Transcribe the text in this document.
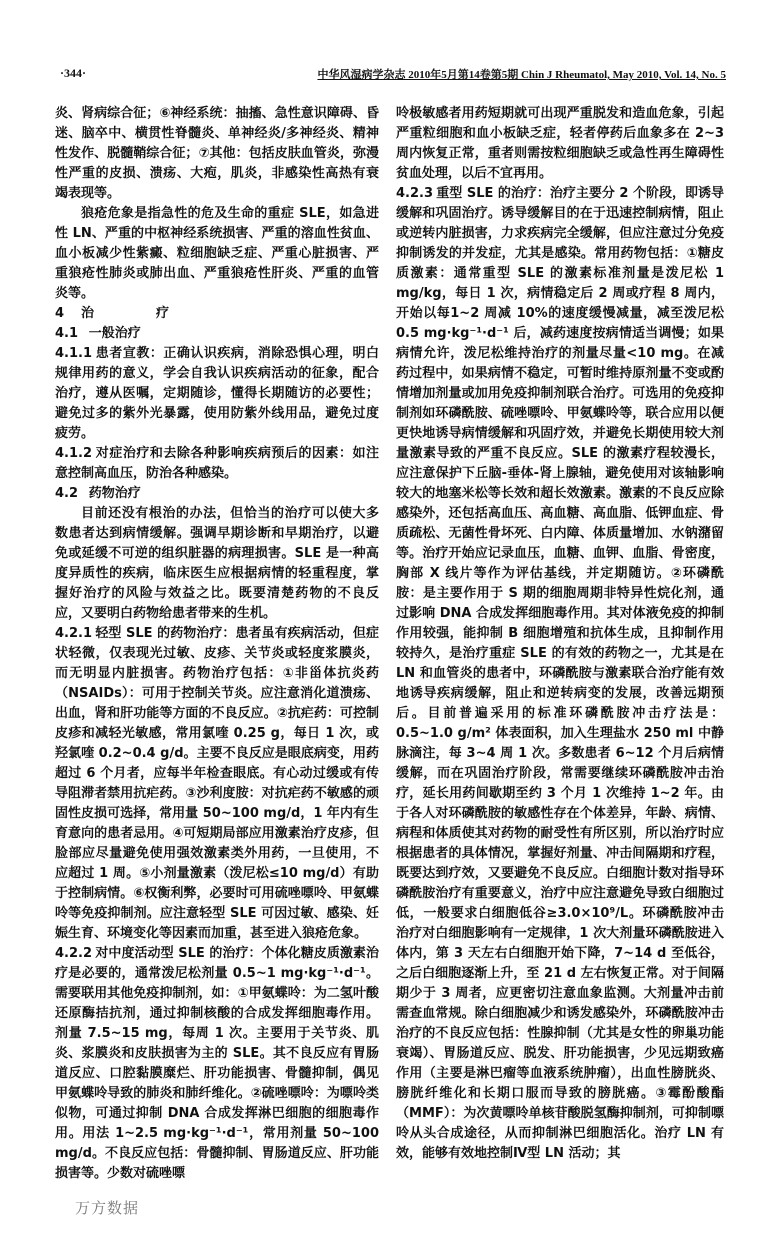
·344·	中华风湿病学杂志 2010年5月第14卷第5期 Chin J Rheumatol, May 2010, Vol. 14, No. 5

炎、肾病综合征；⑥神经系统：抽搐、急性意识障碍、昏迷、脑卒中、横贯性脊髓炎、单神经炎/多神经炎、精神性发作、脱髓鞘综合征；⑦其他：包括皮肤血管炎，弥漫性严重的皮损、溃疡、大疱，肌炎，非感染性高热有衰竭表现等。

狼疮危象是指急性的危及生命的重症 SLE，如急进性 LN、严重的中枢神经系统损害、严重的溶血性贫血、血小板减少性紫癜、粒细胞缺乏症、严重心脏损害、严重狼疮性肺炎或肺出血、严重狼疮性肝炎、严重的血管炎等。

4 治	疗

4.1 一般治疗

4.1.1 患者宣教：正确认识疾病，消除恐惧心理，明白规律用药的意义，学会自我认识疾病活动的征象，配合治疗，遵从医嘱，定期随诊，懂得长期随访的必要性；避免过多的紫外光暴露，使用防紫外线用品，避免过度疲劳。

4.1.2 对症治疗和去除各种影响疾病预后的因素：如注意控制高血压，防治各种感染。

4.2 药物治疗

目前还没有根治的办法，但恰当的治疗可以使大多数患者达到病情缓解。强调早期诊断和早期治疗，以避免或延缓不可逆的组织脏器的病理损害。SLE 是一种高度异质性的疾病，临床医生应根据病情的轻重程度，掌握好治疗的风险与效益之比。既要清楚药物的不良反应，又要明白药物给患者带来的生机。

4.2.1 轻型 SLE 的药物治疗：患者虽有疾病活动，但症状轻微，仅表现光过敏、皮疹、关节炎或轻度浆膜炎，而无明显内脏损害。药物治疗包括：①非甾体抗炎药（NSAIDs）：可用于控制关节炎。应注意消化道溃疡、出血，肾和肝功能等方面的不良反应。②抗疟药：可控制皮疹和减轻光敏感，常用氯喹 0.25 g，每日 1 次，或羟氯喹 0.2~0.4 g/d。主要不良反应是眼底病变，用药超过 6 个月者，应每半年检查眼底。有心动过缓或有传导阻滞者禁用抗疟药。③沙利度胺：对抗疟药不敏感的顽固性皮损可选择，常用量 50~100 mg/d，1 年内有生育意向的患者忌用。④可短期局部应用激素治疗皮疹，但脸部应尽量避免使用强效激素类外用药，一旦使用，不应超过 1 周。⑤小剂量激素（泼尼松≤10 mg/d）有助于控制病情。⑥权衡利弊，必要时可用硫唑嘌呤、甲氨蝶呤等免疫抑制剂。应注意轻型 SLE 可因过敏、感染、妊娠生育、环境变化等因素而加重，甚至进入狼疮危象。

4.2.2 对中度活动型 SLE 的治疗：个体化糖皮质激素治疗是必要的，通常泼尼松剂量 0.5~1 mg·kg⁻¹·d⁻¹。需要联用其他免疫抑制剂，如：①甲氨蝶呤：为二氢叶酸还原酶拮抗剂，通过抑制核酸的合成发挥细胞毒作用。剂量 7.5~15 mg，每周 1 次。主要用于关节炎、肌炎、浆膜炎和皮肤损害为主的 SLE。其不良反应有胃肠道反应、口腔黏膜糜烂、肝功能损害、骨髓抑制，偶见甲氨蝶呤导致的肺炎和肺纤维化。②硫唑嘌呤：为嘌呤类似物，可通过抑制 DNA 合成发挥淋巴细胞的细胞毒作用。用法 1~2.5 mg·kg⁻¹·d⁻¹，常用剂量 50~100 mg/d。不良反应包括：骨髓抑制、胃肠道反应、肝功能损害等。少数对硫唑嘌

万方数据

呤极敏感者用药短期就可出现严重脱发和造血危象，引起严重粒细胞和血小板缺乏症，轻者停药后血象多在 2~3 周内恢复正常，重者则需按粒细胞缺乏或急性再生障碍性贫血处理，以后不宜再用。

4.2.3 重型 SLE 的治疗：治疗主要分 2 个阶段，即诱导缓解和巩固治疗。诱导缓解目的在于迅速控制病情，阻止或逆转内脏损害，力求疾病完全缓解，但应注意过分免疫抑制诱发的并发症，尤其是感染。常用药物包括：①糖皮质激素：通常重型 SLE 的激素标准剂量是泼尼松 1 mg/kg，每日 1 次，病情稳定后 2 周或疗程 8 周内，开始以每1~2 周减 10%的速度缓慢减量，减至泼尼松 0.5 mg·kg⁻¹·d⁻¹ 后，减药速度按病情适当调慢；如果病情允许，泼尼松维持治疗的剂量尽量<10 mg。在减药过程中，如果病情不稳定，可暂时维持原剂量不变或酌情增加剂量或加用免疫抑制剂联合治疗。可选用的免疫抑制剂如环磷酰胺、硫唑嘌呤、甲氨蝶呤等，联合应用以便更快地诱导病情缓解和巩固疗效，并避免长期使用较大剂量激素导致的严重不良反应。SLE 的激素疗程较漫长，应注意保护下丘脑-垂体-肾上腺轴，避免使用对该轴影响较大的地塞米松等长效和超长效激素。激素的不良反应除感染外，还包括高血压、高血糖、高血脂、低钾血症、骨质疏松、无菌性骨坏死、白内障、体质量增加、水钠潴留等。治疗开始应记录血压，血糖、血钾、血脂、骨密度，胸部 X 线片等作为评估基线，并定期随访。②环磷酰胺：是主要作用于 S 期的细胞周期非特异性烷化剂，通过影响 DNA 合成发挥细胞毒作用。其对体液免疫的抑制作用较强，能抑制 B 细胞增殖和抗体生成，且抑制作用较持久，是治疗重症 SLE 的有效的药物之一，尤其是在 LN 和血管炎的患者中，环磷酰胺与激素联合治疗能有效地诱导疾病缓解，阻止和逆转病变的发展，改善远期预后。目前普遍采用的标准环磷酰胺冲击疗法是：0.5~1.0 g/m² 体表面积，加入生理盐水 250 ml 中静脉滴注，每 3~4 周 1 次。多数患者 6~12 个月后病情缓解，而在巩固治疗阶段，常需要继续环磷酰胺冲击治疗，延长用药间歇期至约 3 个月 1 次维持 1~2 年。由于各人对环磷酰胺的敏感性存在个体差异，年龄、病情、病程和体质使其对药物的耐受性有所区别，所以治疗时应根据患者的具体情况，掌握好剂量、冲击间隔期和疗程，既要达到疗效，又要避免不良反应。白细胞计数对指导环磷酰胺治疗有重要意义，治疗中应注意避免导致白细胞过低，一般要求白细胞低谷≥3.0×10⁹/L。环磷酰胺冲击治疗对白细胞影响有一定规律，1 次大剂量环磷酰胺进入体内，第 3 天左右白细胞开始下降，7~14 d 至低谷，之后白细胞逐渐上升，至 21 d 左右恢复正常。对于间隔期少于 3 周者，应更密切注意血象监测。大剂量冲击前需查血常规。除白细胞减少和诱发感染外，环磷酰胺冲击治疗的不良反应包括：性腺抑制（尤其是女性的卵巢功能衰竭）、胃肠道反应、脱发、肝功能损害，少见远期致癌作用（主要是淋巴瘤等血液系统肿瘤），出血性膀胱炎、膀胱纤维化和长期口服而导致的膀胱癌。③霉酚酸酯（MMF）：为次黄嘌呤单核苷酸脱氢酶抑制剂，可抑制嘌呤从头合成途径，从而抑制淋巴细胞活化。治疗 LN 有效，能够有效地控制Ⅳ型 LN 活动；其
